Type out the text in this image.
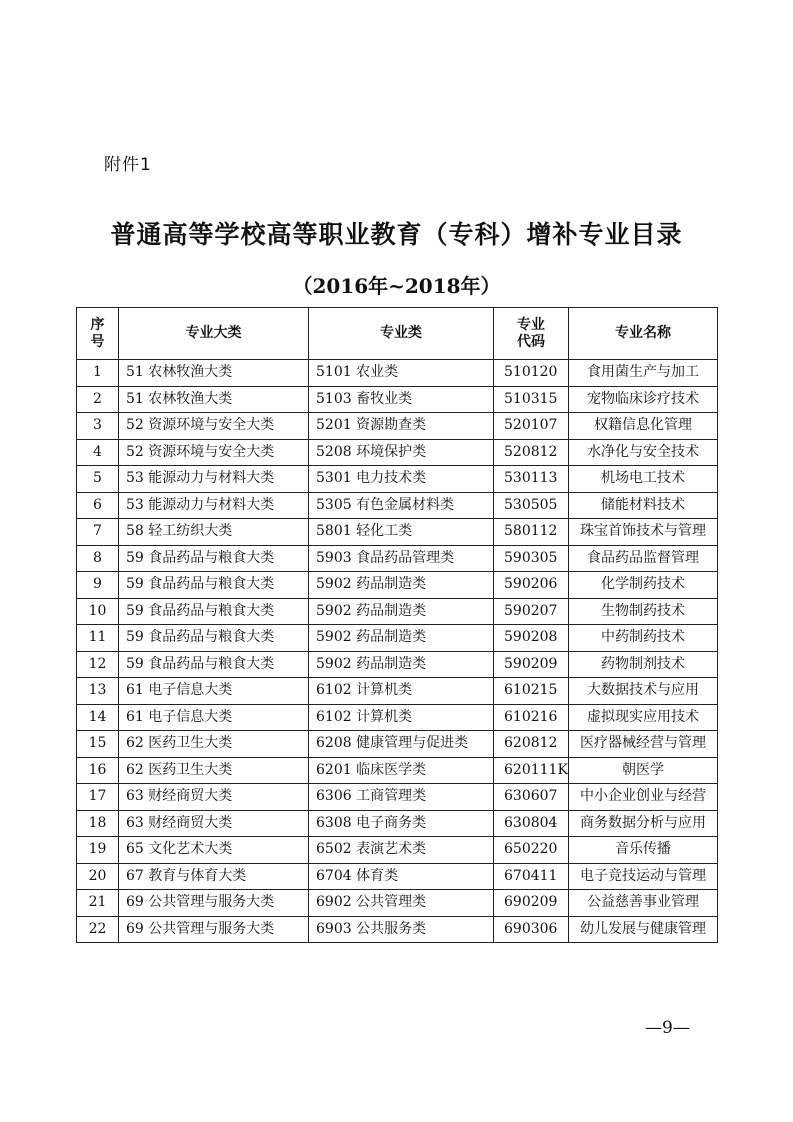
附件1
普通高等学校高等职业教育（专科）增补专业目录
（2016年~2018年）
序号	专业大类	专业类	专业代码	专业名称
1	51 农林牧渔大类	5101 农业类	510120	食用菌生产与加工
2	51 农林牧渔大类	5103 畜牧业类	510315	宠物临床诊疗技术
3	52 资源环境与安全大类	5201 资源勘查类	520107	权籍信息化管理
4	52 资源环境与安全大类	5208 环境保护类	520812	水净化与安全技术
5	53 能源动力与材料大类	5301 电力技术类	530113	机场电工技术
6	53 能源动力与材料大类	5305 有色金属材料类	530505	储能材料技术
7	58 轻工纺织大类	5801 轻化工类	580112	珠宝首饰技术与管理
8	59 食品药品与粮食大类	5903 食品药品管理类	590305	食品药品监督管理
9	59 食品药品与粮食大类	5902 药品制造类	590206	化学制药技术
10	59 食品药品与粮食大类	5902 药品制造类	590207	生物制药技术
11	59 食品药品与粮食大类	5902 药品制造类	590208	中药制药技术
12	59 食品药品与粮食大类	5902 药品制造类	590209	药物制剂技术
13	61 电子信息大类	6102 计算机类	610215	大数据技术与应用
14	61 电子信息大类	6102 计算机类	610216	虚拟现实应用技术
15	62 医药卫生大类	6208 健康管理与促进类	620812	医疗器械经营与管理
16	62 医药卫生大类	6201 临床医学类	620111K	朝医学
17	63 财经商贸大类	6306 工商管理类	630607	中小企业创业与经营
18	63 财经商贸大类	6308 电子商务类	630804	商务数据分析与应用
19	65 文化艺术大类	6502 表演艺术类	650220	音乐传播
20	67 教育与体育大类	6704 体育类	670411	电子竞技运动与管理
21	69 公共管理与服务大类	6902 公共管理类	690209	公益慈善事业管理
22	69 公共管理与服务大类	6903 公共服务类	690306	幼儿发展与健康管理
—9—
